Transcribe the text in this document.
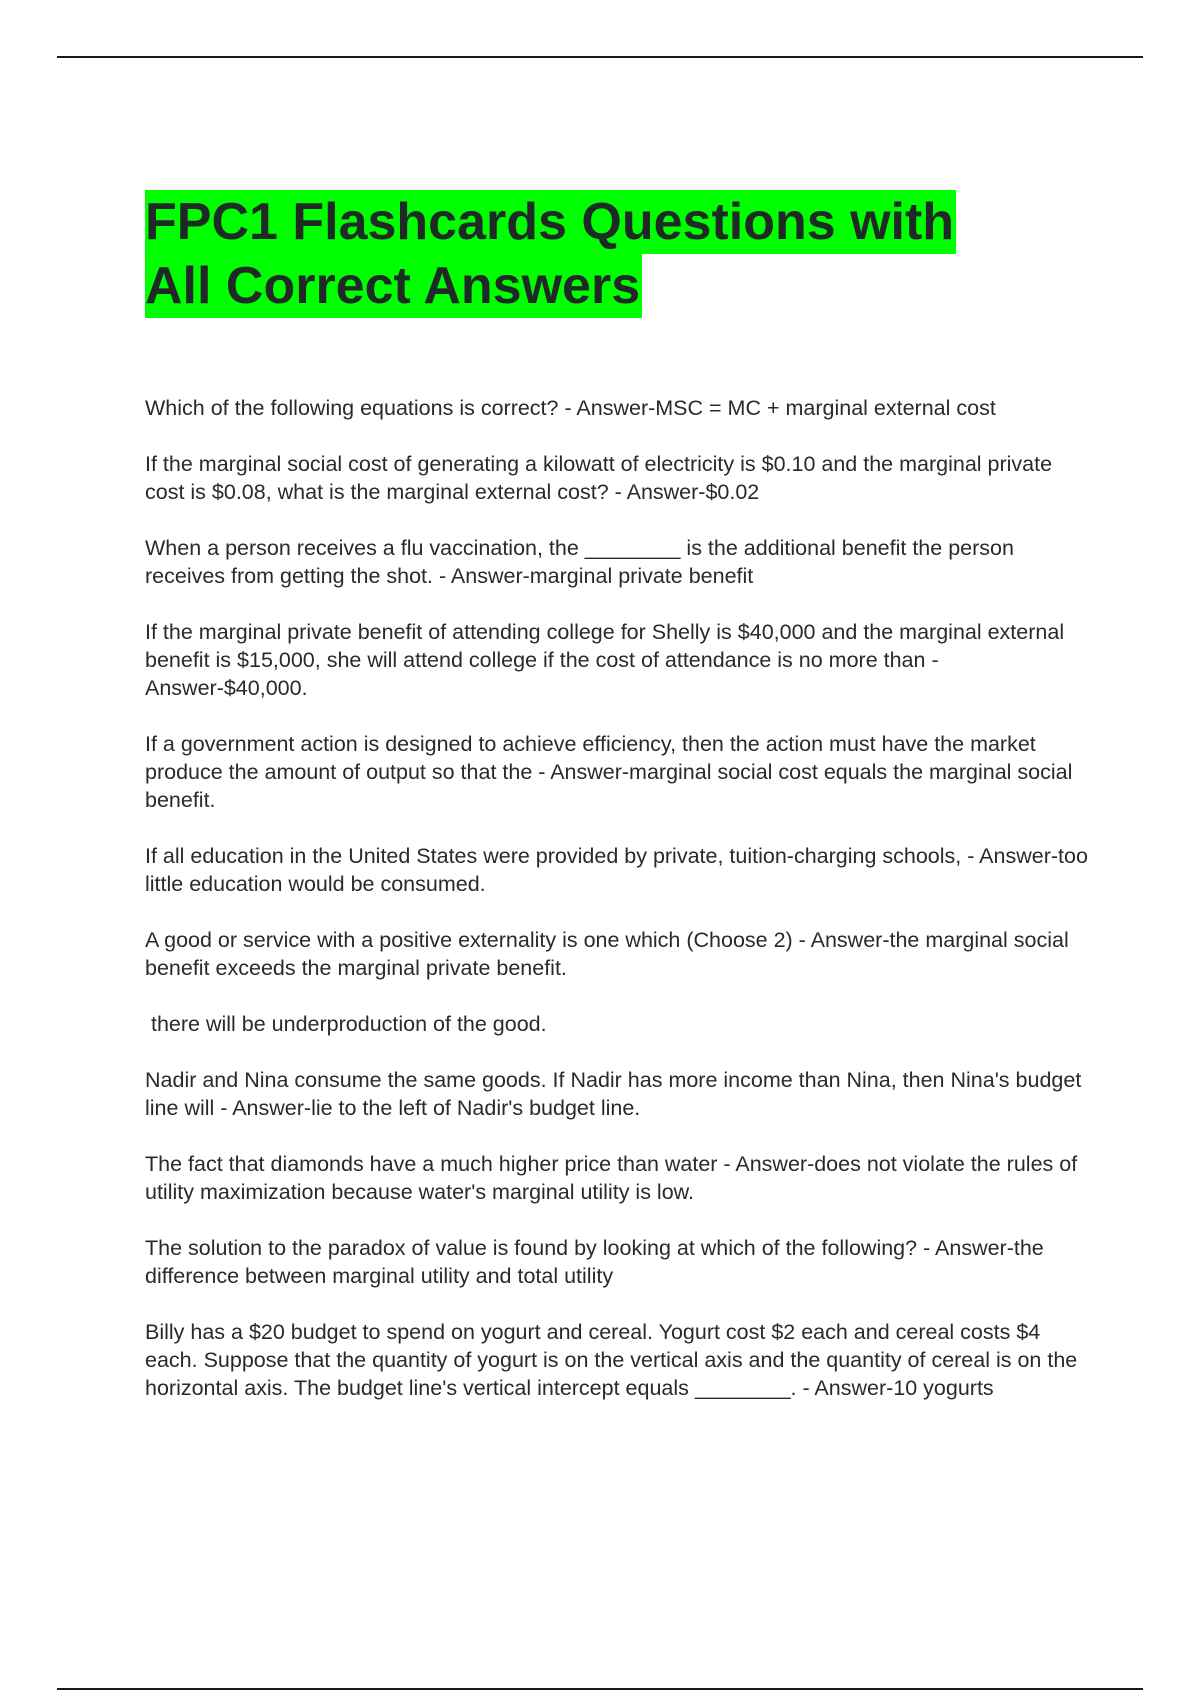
FPC1 Flashcards Questions with
All Correct Answers

Which of the following equations is correct? - Answer-MSC = MC + marginal external cost

If the marginal social cost of generating a kilowatt of electricity is $0.10 and the marginal private cost is $0.08, what is the marginal external cost? - Answer-$0.02

When a person receives a flu vaccination, the ________ is the additional benefit the person receives from getting the shot. - Answer-marginal private benefit

If the marginal private benefit of attending college for Shelly is $40,000 and the marginal external benefit is $15,000, she will attend college if the cost of attendance is no more than - Answer-$40,000.

If a government action is designed to achieve efficiency, then the action must have the market produce the amount of output so that the - Answer-marginal social cost equals the marginal social benefit.

If all education in the United States were provided by private, tuition-charging schools, - Answer-too little education would be consumed.

A good or service with a positive externality is one which (Choose 2) - Answer-the marginal social benefit exceeds the marginal private benefit.

there will be underproduction of the good.

Nadir and Nina consume the same goods. If Nadir has more income than Nina, then Nina's budget line will - Answer-lie to the left of Nadir's budget line.

The fact that diamonds have a much higher price than water - Answer-does not violate the rules of utility maximization because water's marginal utility is low.

The solution to the paradox of value is found by looking at which of the following? - Answer-the difference between marginal utility and total utility

Billy has a $20 budget to spend on yogurt and cereal. Yogurt cost $2 each and cereal costs $4 each. Suppose that the quantity of yogurt is on the vertical axis and the quantity of cereal is on the horizontal axis. The budget line's vertical intercept equals ________. - Answer-10 yogurts
